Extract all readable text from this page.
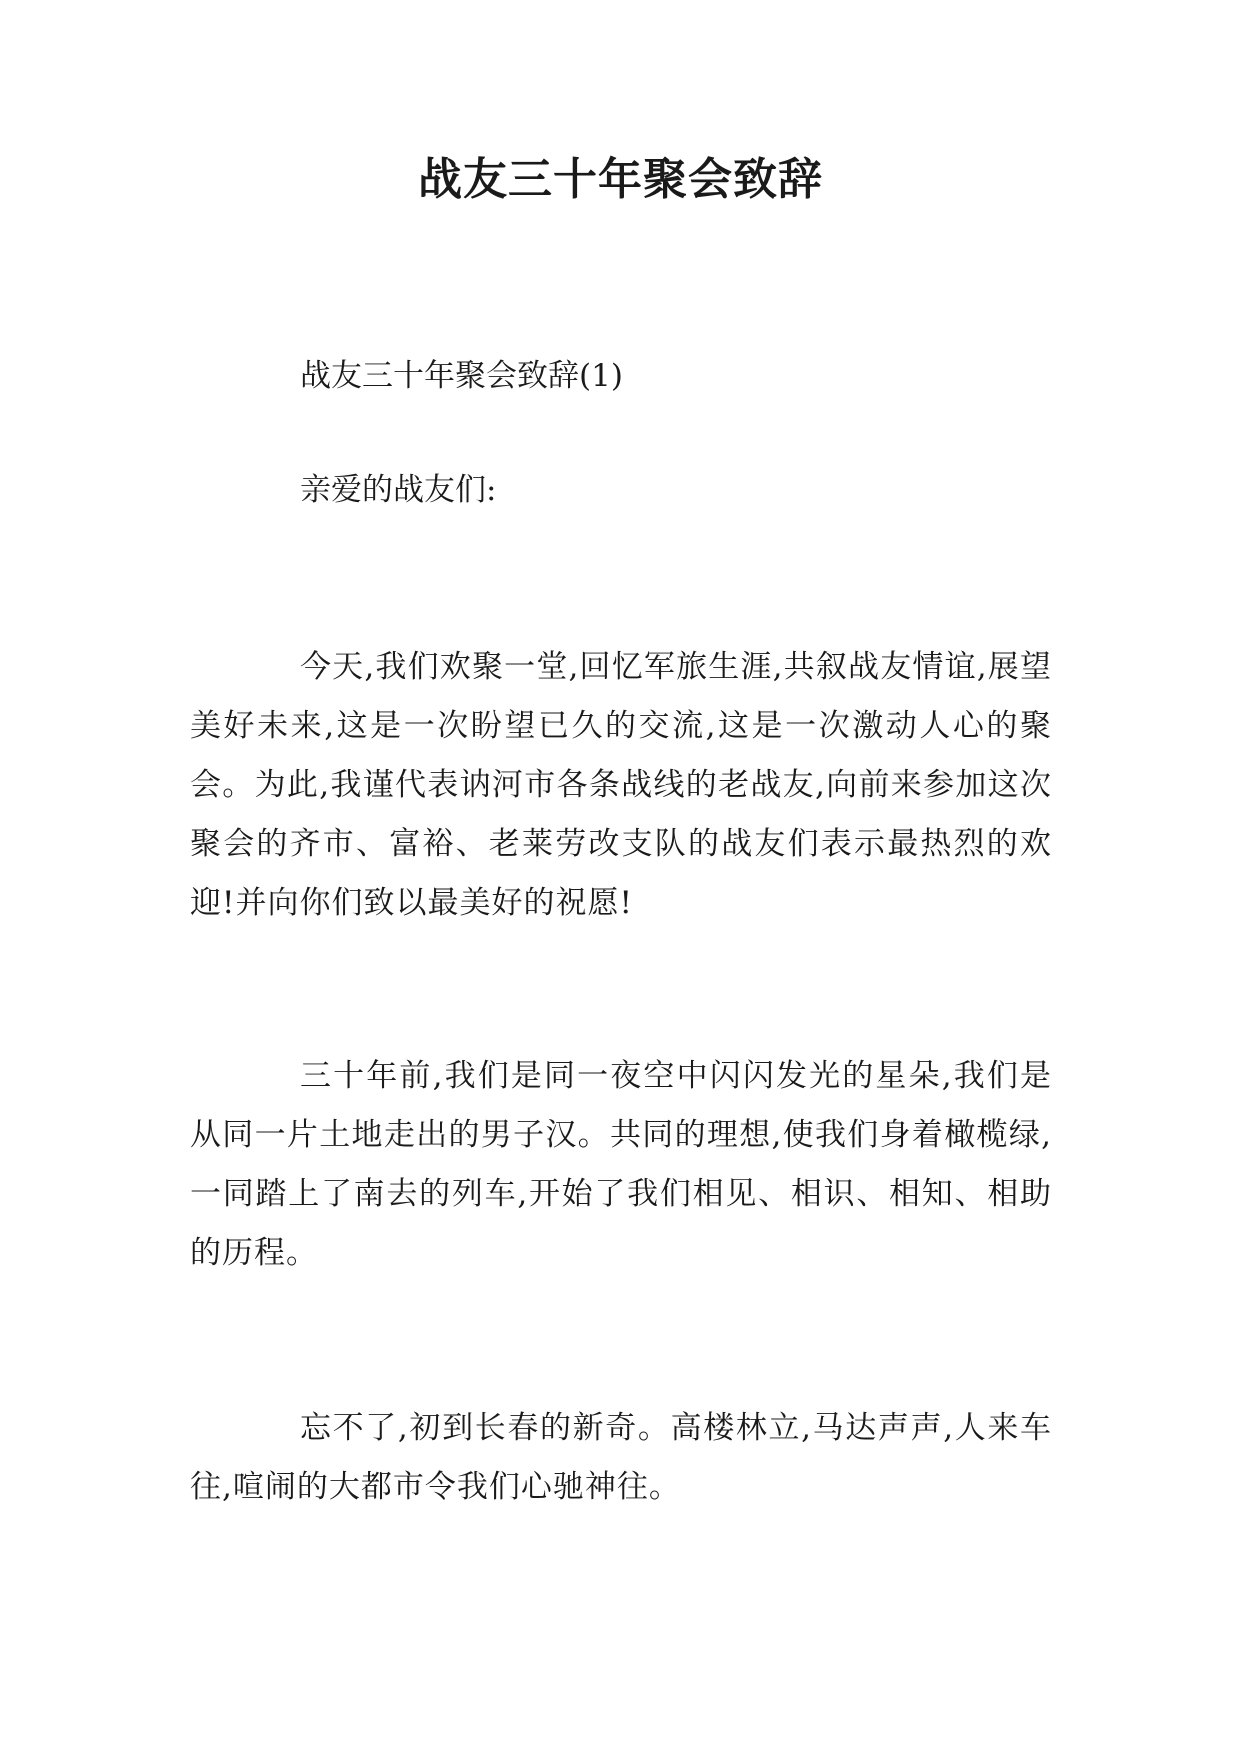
战友三十年聚会致辞

战友三十年聚会致辞(1)

亲爱的战友们:

今天,我们欢聚一堂,回忆军旅生涯,共叙战友情谊,展望美好未来,这是一次盼望已久的交流,这是一次激动人心的聚会。为此,我谨代表讷河市各条战线的老战友,向前来参加这次聚会的齐市、富裕、老莱劳改支队的战友们表示最热烈的欢迎!并向你们致以最美好的祝愿!

三十年前,我们是同一夜空中闪闪发光的星朵,我们是从同一片土地走出的男子汉。共同的理想,使我们身着橄榄绿,一同踏上了南去的列车,开始了我们相见、相识、相知、相助的历程。

忘不了,初到长春的新奇。高楼林立,马达声声,人来车往,喧闹的大都市令我们心驰神往。
